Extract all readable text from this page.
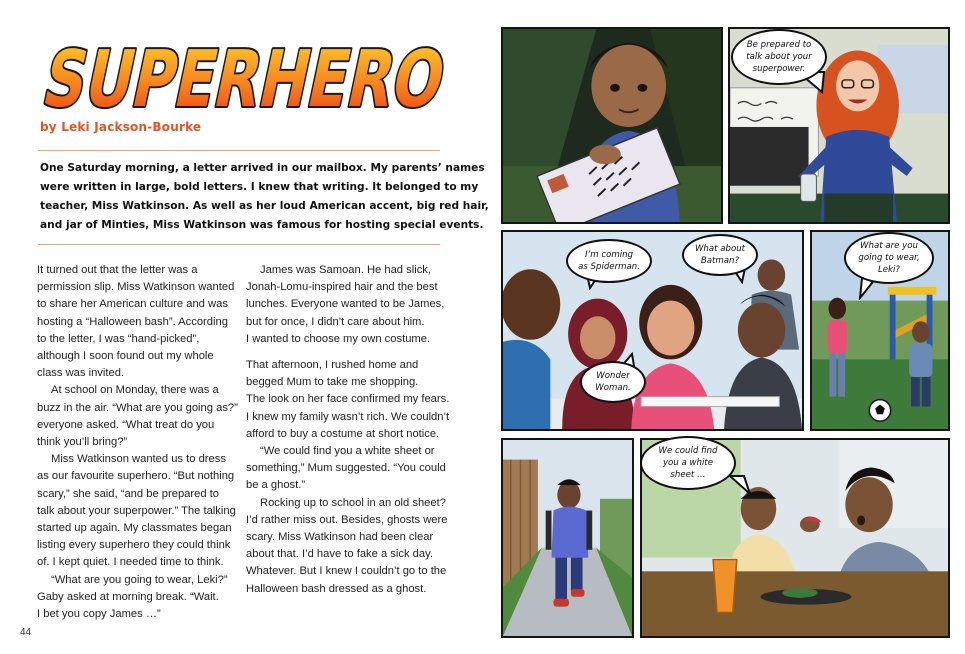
SUPERHERO
by Leki Jackson-Bourke
One Saturday morning, a letter arrived in our mailbox. My parents’ names
were written in large, bold letters. I knew that writing. It belonged to my
teacher, Miss Watkinson. As well as her loud American accent, big red hair,
and jar of Minties, Miss Watkinson was famous for hosting special events.

It turned out that the letter was a
permission slip. Miss Watkinson wanted
to share her American culture and was
hosting a “Halloween bash”. According
to the letter, I was “hand-picked”,
although I soon found out my whole
class was invited.

At school on Monday, there was a
buzz in the air. “What are you going as?”
everyone asked. “What treat do you
think you’ll bring?”

Miss Watkinson wanted us to dress
as our favourite superhero. “But nothing
scary,” she said, “and be prepared to
talk about your superpower.” The talking
started up again. My classmates began
listing every superhero they could think
of. I kept quiet. I needed time to think.

“What are you going to wear, Leki?”
Gaby asked at morning break. “Wait.
I bet you copy James …”

James was Samoan. He had slick,
Jonah-Lomu-inspired hair and the best
lunches. Everyone wanted to be James,
but for once, I didn’t care about him.
I wanted to choose my own costume.

That afternoon, I rushed home and
begged Mum to take me shopping.
The look on her face confirmed my fears.
I knew my family wasn’t rich. We couldn’t
afford to buy a costume at short notice.

“We could find you a white sheet or
something,” Mum suggested. “You could
be a ghost.”

Rocking up to school in an old sheet?
I’d rather miss out. Besides, ghosts were
scary. Miss Watkinson had been clear
about that. I’d have to fake a sick day.
Whatever. But I knew I couldn’t go to the
Halloween bash dressed as a ghost.

44
Be prepared to
talk about your
superpower.
I’m coming
as Spiderman.
What about
Batman?
Wonder
Woman.
What are you
going to wear,
Leki?
We could find
you a white
sheet …
